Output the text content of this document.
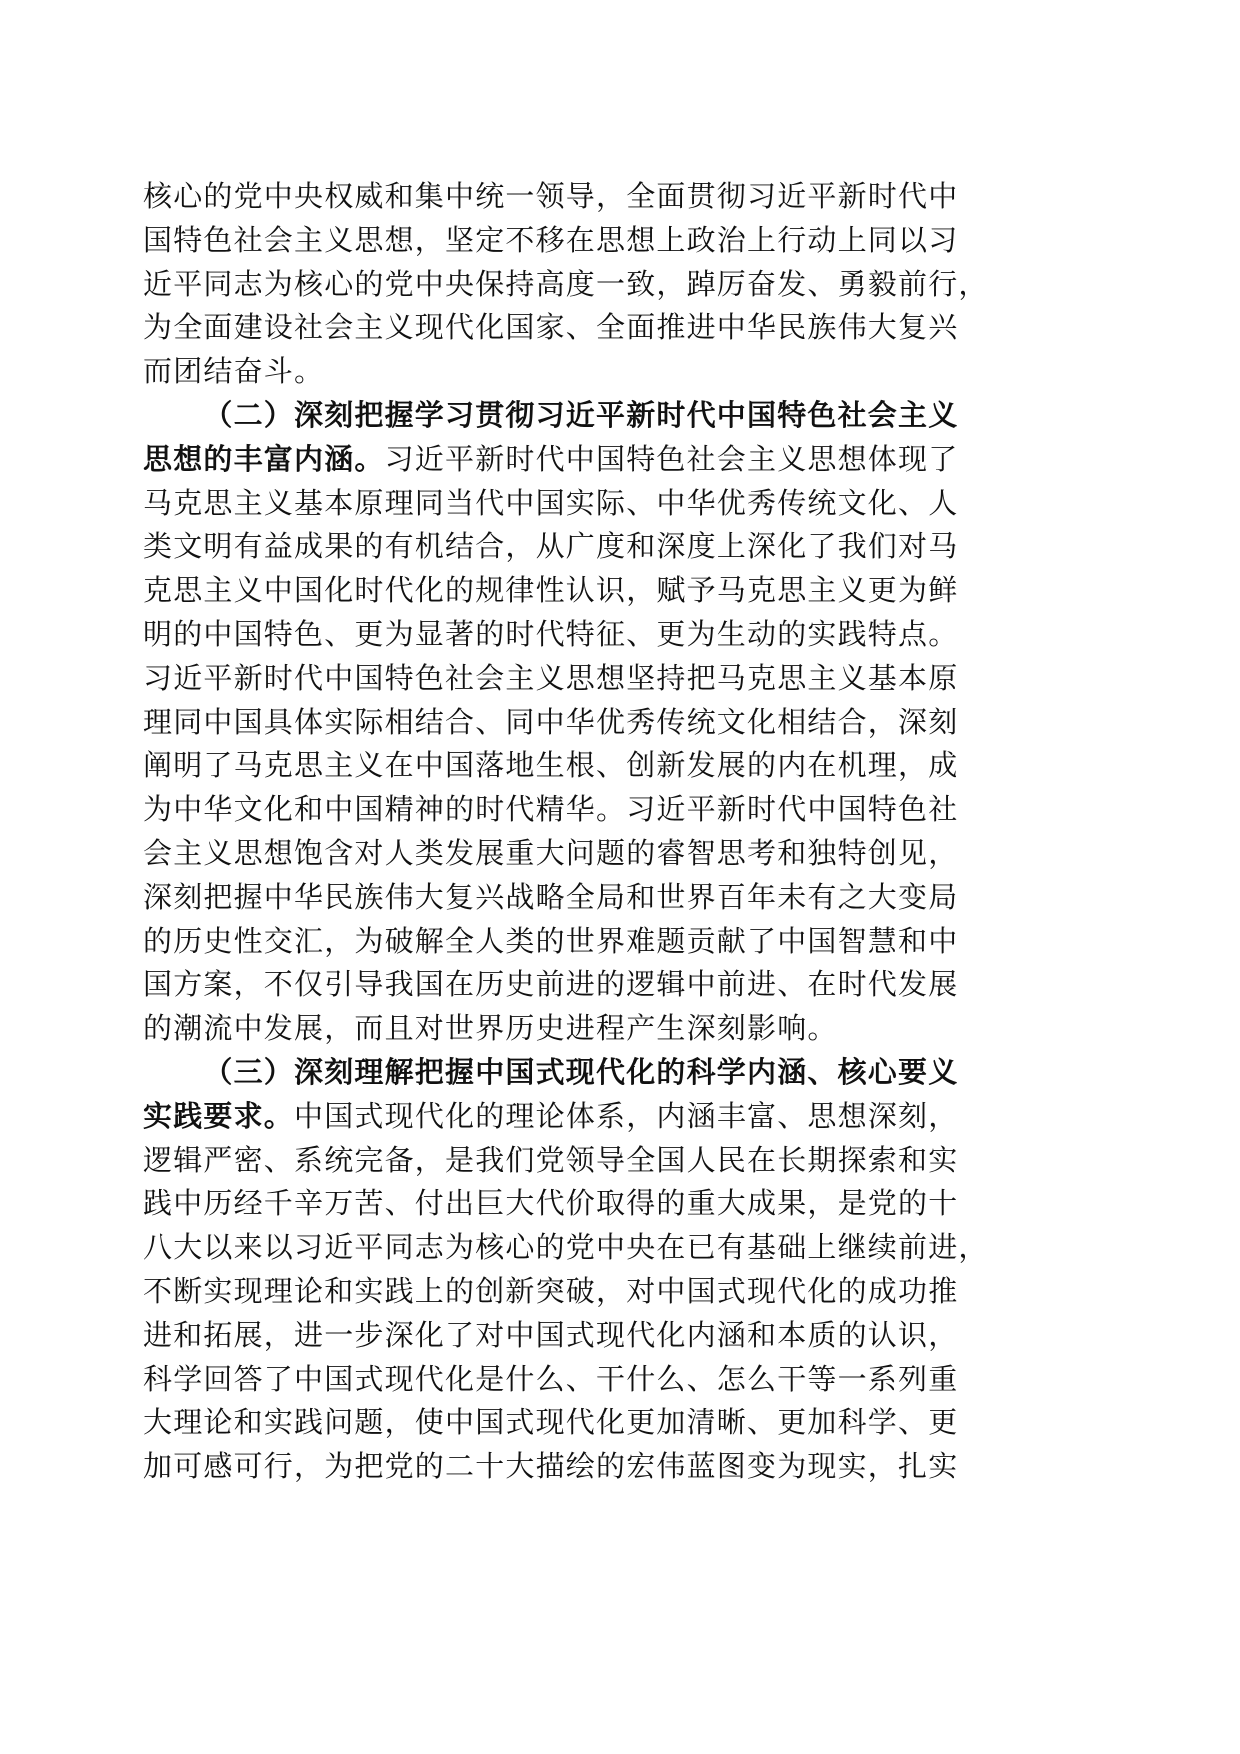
核心的党中央权威和集中统一领导，全面贯彻习近平新时代中
国特色社会主义思想，坚定不移在思想上政治上行动上同以习
近平同志为核心的党中央保持高度一致，踔厉奋发、勇毅前行，
为全面建设社会主义现代化国家、全面推进中华民族伟大复兴
而团结奋斗。
（二）深刻把握学习贯彻习近平新时代中国特色社会主义
思想的丰富内涵。习近平新时代中国特色社会主义思想体现了
马克思主义基本原理同当代中国实际、中华优秀传统文化、人
类文明有益成果的有机结合，从广度和深度上深化了我们对马
克思主义中国化时代化的规律性认识，赋予马克思主义更为鲜
明的中国特色、更为显著的时代特征、更为生动的实践特点。
习近平新时代中国特色社会主义思想坚持把马克思主义基本原
理同中国具体实际相结合、同中华优秀传统文化相结合，深刻
阐明了马克思主义在中国落地生根、创新发展的内在机理，成
为中华文化和中国精神的时代精华。习近平新时代中国特色社
会主义思想饱含对人类发展重大问题的睿智思考和独特创见，
深刻把握中华民族伟大复兴战略全局和世界百年未有之大变局
的历史性交汇，为破解全人类的世界难题贡献了中国智慧和中
国方案，不仅引导我国在历史前进的逻辑中前进、在时代发展
的潮流中发展，而且对世界历史进程产生深刻影响。
（三）深刻理解把握中国式现代化的科学内涵、核心要义
实践要求。中国式现代化的理论体系，内涵丰富、思想深刻，
逻辑严密、系统完备，是我们党领导全国人民在长期探索和实
践中历经千辛万苦、付出巨大代价取得的重大成果，是党的十
八大以来以习近平同志为核心的党中央在已有基础上继续前进，
不断实现理论和实践上的创新突破，对中国式现代化的成功推
进和拓展，进一步深化了对中国式现代化内涵和本质的认识，
科学回答了中国式现代化是什么、干什么、怎么干等一系列重
大理论和实践问题，使中国式现代化更加清晰、更加科学、更
加可感可行，为把党的二十大描绘的宏伟蓝图变为现实，扎实
